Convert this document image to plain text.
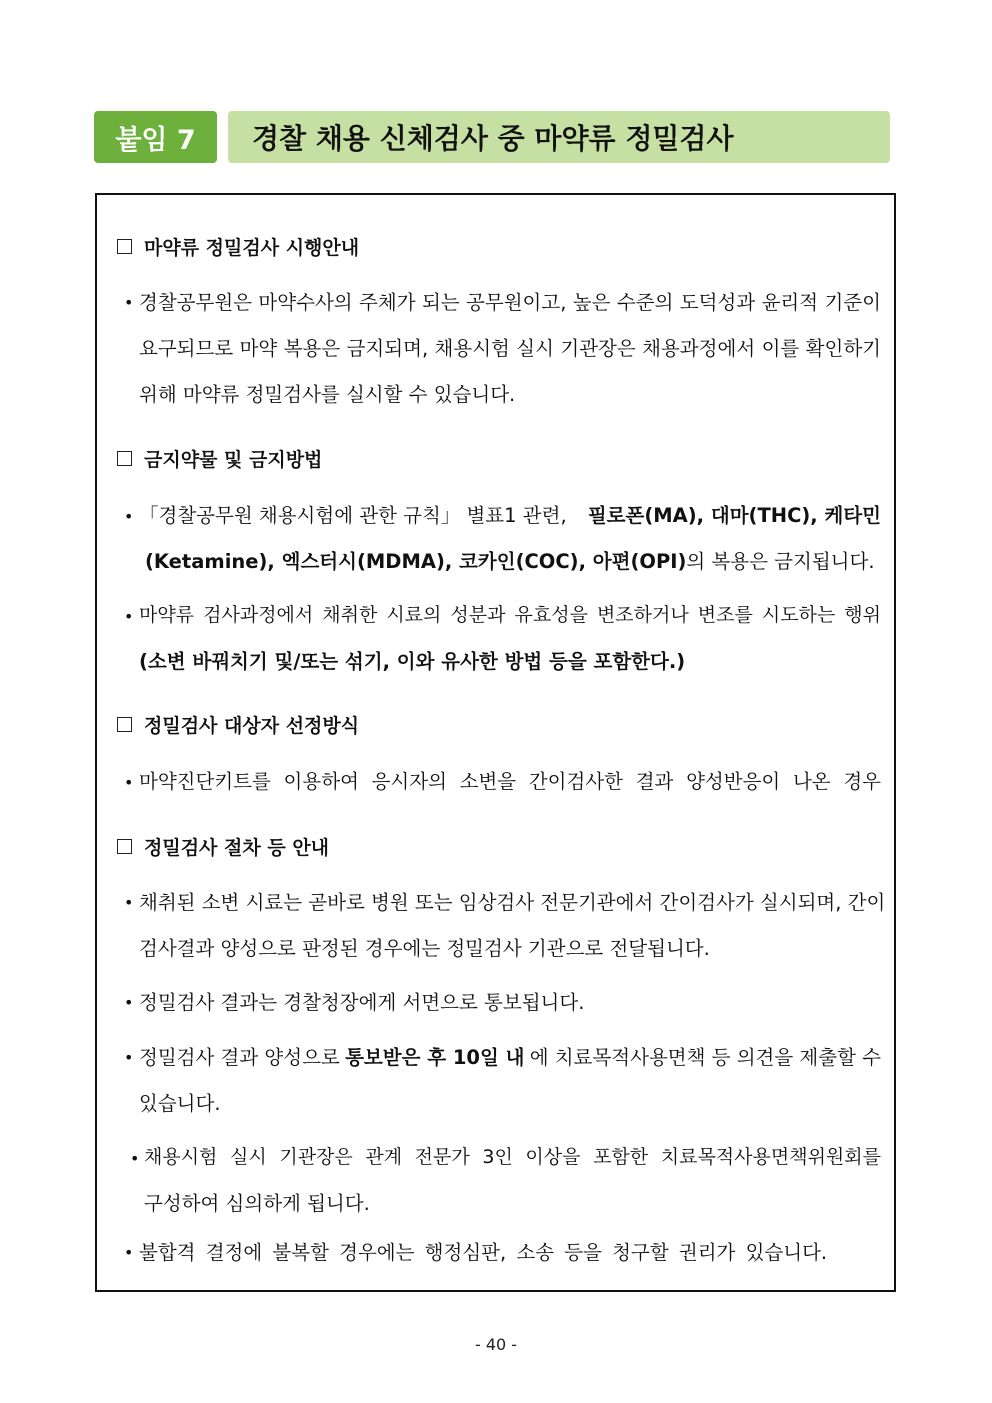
붙임 7	경찰 채용 신체검사 중 마약류 정밀검사
마약류 정밀검사 시행안내
• 경찰공무원은 마약수사의 주체가 되는 공무원이고, 높은 수준의 도덕성과 윤리적 기준이
요구되므로 마약 복용은 금지되며, 채용시험 실시 기관장은 채용과정에서 이를 확인하기
위해 마약류 정밀검사를 실시할 수 있습니다.
금지약물 및 금지방법
• 「경찰공무원 채용시험에 관한 규칙」 별표1 관련, 필로폰(MA), 대마(THC), 케타민
(Ketamine), 엑스터시(MDMA), 코카인(COC), 아편(OPI)의 복용은 금지됩니다.
• 마약류 검사과정에서 채취한 시료의 성분과 유효성을 변조하거나 변조를 시도하는 행위
(소변 바꿔치기 및/또는 섞기, 이와 유사한 방법 등을 포함한다.)
정밀검사 대상자 선정방식
• 마약진단키트를 이용하여 응시자의 소변을 간이검사한 결과 양성반응이 나온 경우
정밀검사 절차 등 안내
• 채취된 소변 시료는 곧바로 병원 또는 임상검사 전문기관에서 간이검사가 실시되며, 간이
검사결과 양성으로 판정된 경우에는 정밀검사 기관으로 전달됩니다.
• 정밀검사 결과는 경찰청장에게 서면으로 통보됩니다.
• 정밀검사 결과 양성으로 통보받은 후 10일 내 에 치료목적사용면책 등 의견을 제출할 수
있습니다.
• 채용시험 실시 기관장은 관계 전문가 3인 이상을 포함한 치료목적사용면책위원회를
구성하여 심의하게 됩니다.
• 불합격 결정에 불복할 경우에는 행정심판, 소송 등을 청구할 권리가 있습니다.
- 40 -
